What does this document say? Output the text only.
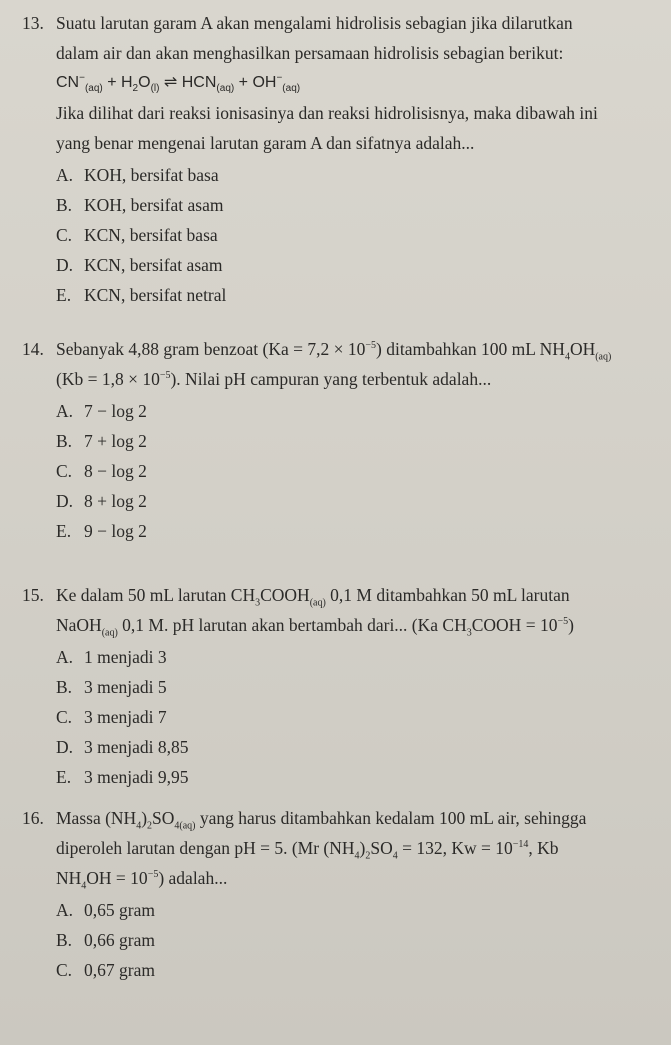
13. Suatu larutan garam A akan mengalami hidrolisis sebagian jika dilarutkan
dalam air dan akan menghasilkan persamaan hidrolisis sebagian berikut:
$CN^-_{(aq)} + H_2O_{(l)}$ ⇌ $HCN_{(aq)} + OH^-_{(aq)}$
Jika dilihat dari reaksi ionisasinya dan reaksi hidrolisisnya, maka dibawah ini
yang benar mengenai larutan garam A dan sifatnya adalah...
A. KOH, bersifat basa
B. KOH, bersifat asam
C. KCN, bersifat basa
D. KCN, bersifat asam
E. KCN, bersifat netral
14. Sebanyak 4,88 gram benzoat $(Ka = 7,2 \times 10^{-5})$ ditambahkan 100 mL $NH_4OH_{(aq)}$
$(Kb = 1,8 \times 10^{-5})$. Nilai pH campuran yang terbentuk adalah...
A. 7 − log 2
B. 7 + log 2
C. 8 − log 2
D. 8 + log 2
E. 9 − log 2
15. Ke dalam 50 mL larutan $CH_3COOH_{(aq)}$ 0,1 M ditambahkan 50 mL larutan
NaOH$_{(aq)}$ 0,1 M. pH larutan akan bertambah dari... (Ka $CH_3COOH = 10^{-5}$)
A. 1 menjadi 3
B. 3 menjadi 5
C. 3 menjadi 7
D. 3 menjadi 8,85
E. 3 menjadi 9,95
16. Massa $(NH_4)_2SO_{4(aq)}$ yang harus ditambahkan kedalam 100 mL air, sehingga
diperoleh larutan dengan pH = 5. (Mr $(NH_4)_2SO_4 = 132$, $Kw = 10^{-14}$, Kb
$NH_4OH = 10^{-5}$) adalah...
A. 0,65 gram
B. 0,66 gram
C. 0,67 gram
